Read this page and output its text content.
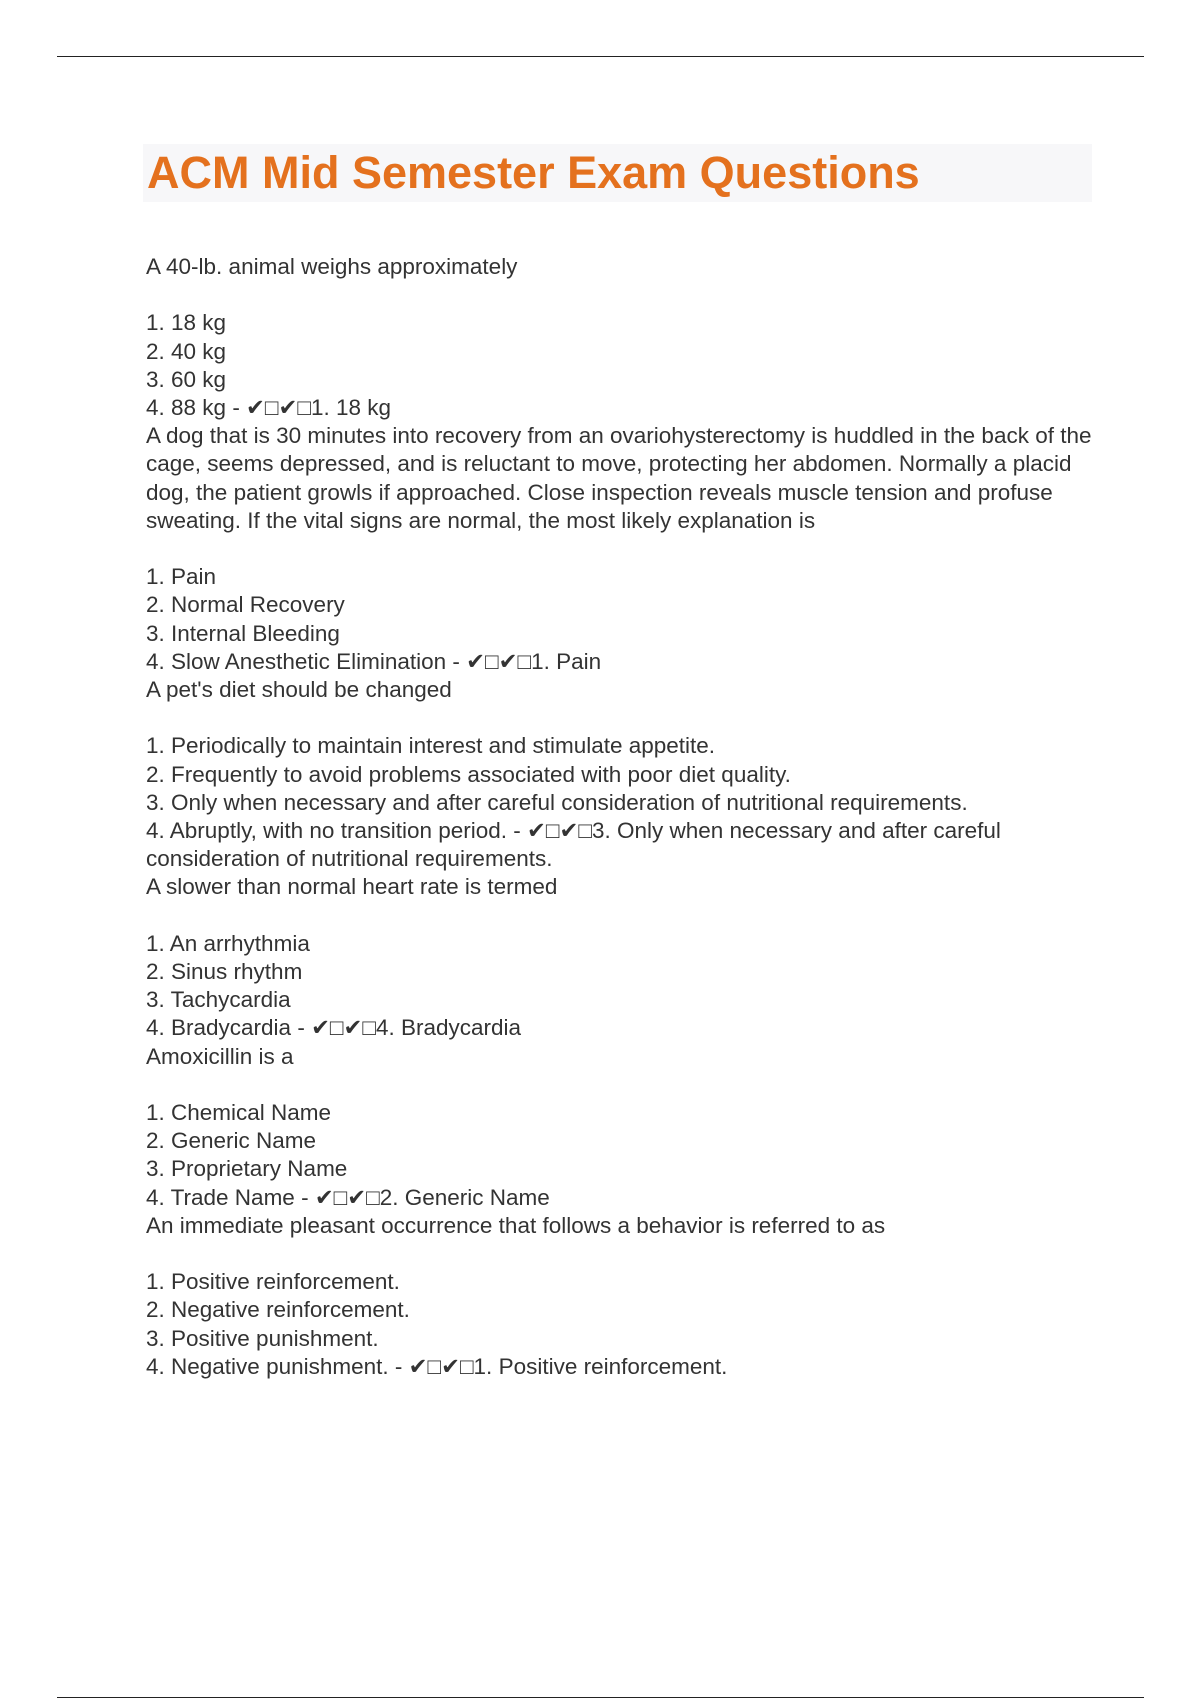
ACM Mid Semester Exam Questions
A 40-lb. animal weighs approximately
1. 18 kg
2. 40 kg
3. 60 kg
4. 88 kg - ✔□✔□1. 18 kg
A dog that is 30 minutes into recovery from an ovariohysterectomy is huddled in the back of the cage, seems depressed, and is reluctant to move, protecting her abdomen. Normally a placid dog, the patient growls if approached. Close inspection reveals muscle tension and profuse sweating. If the vital signs are normal, the most likely explanation is
1. Pain
2. Normal Recovery
3. Internal Bleeding
4. Slow Anesthetic Elimination - ✔□✔□1. Pain
A pet's diet should be changed
1. Periodically to maintain interest and stimulate appetite.
2. Frequently to avoid problems associated with poor diet quality.
3. Only when necessary and after careful consideration of nutritional requirements.
4. Abruptly, with no transition period. - ✔□✔□3. Only when necessary and after careful consideration of nutritional requirements.
A slower than normal heart rate is termed
1. An arrhythmia
2. Sinus rhythm
3. Tachycardia
4. Bradycardia - ✔□✔□4. Bradycardia
Amoxicillin is a
1. Chemical Name
2. Generic Name
3. Proprietary Name
4. Trade Name - ✔□✔□2. Generic Name
An immediate pleasant occurrence that follows a behavior is referred to as
1. Positive reinforcement.
2. Negative reinforcement.
3. Positive punishment.
4. Negative punishment. - ✔□✔□1. Positive reinforcement.
